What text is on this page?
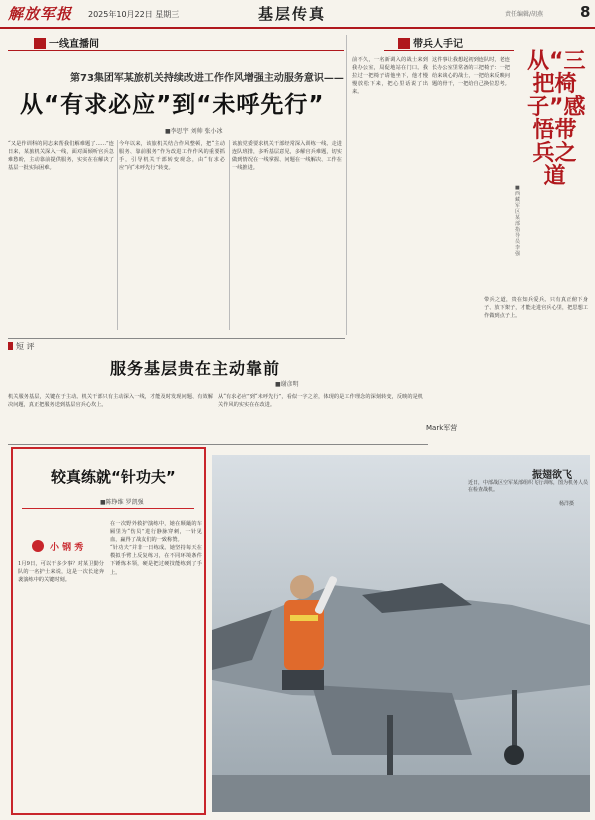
解放军报 2025年10月22日 星期三	基层传真	责任编辑/胡燕 8
一线直播间	带兵人手记
第73集团军某旅机关持续改进工作作风增强主动服务意识——
从“有求必应”到“未呼先行”
■李思宇 刘帅 张小冰

“又是作训科的同志来帮我们解难题了……”连日来，某旅机关深入一线，面对面倾听官兵急难愁盼，主动靠前提供服务，实实在在解决了基层一批实际困难。

今年以来，该旅机关结合作风整顿，把“主动服务、靠前服务”作为改进工作作风的重要抓手，引导机关干部转变观念，由“有求必应”向“未呼先行”转变。

该旅党委要求机关干部经常深入训练一线、走进连队班排，多听基层意见，多解官兵难题，切实做到情况在一线掌握、问题在一线解决、工作在一线推进。

前不久，一名新调入的战士来到我办公室，局促地站在门口。我拉过一把椅子请他坐下，他才慢慢放松下来，把心里话说了出来。

这件事让我想起初到连队时，老连长办公室里常备的三把椅子：一把给来谈心的战士，一把给来反映问题的骨干，一把给自己换位思考。

带兵之道，贵在知兵爱兵。只有真正俯下身子、放下架子，才能走进官兵心里，把思想工作做到点子上。

从“三把椅子”感悟带兵之道
■西藏军区某部指导员 李 强
短 评
服务基层贵在主动靠前
■谢彦明

机关服务基层，关键在于主动。机关干部只有主动深入一线，才能及时发现问题、有效解决问题，真正把服务送到基层官兵心坎上。

从“有求必应”到“未呼先行”，看似一字之差，体现的是工作理念的深刻转变，反映的是机关作风的实实在在改进。

较真练就“针功夫”
■陈铮维 罗凯强
小 钢 秀

1月9日，可以干多少事？对某卫勤分队的一名护士来说，这是一次长途奔袭演练中的关键时刻。

在一次野外救护演练中，她在颠簸的车厢里为“伤员”进行静脉穿刺，一针见血，赢得了战友们的一致称赞。

“针功夫”并非一日练成。她坚持每天在模拟手臂上反复练习，在不同环境条件下锤炼本领，硬是把过硬技能练到了手上。

Mark军营
振翅欲飞
近日，中部战区空军某部组织飞行训练，图为机务人员在检查战机。
杨洋摄
